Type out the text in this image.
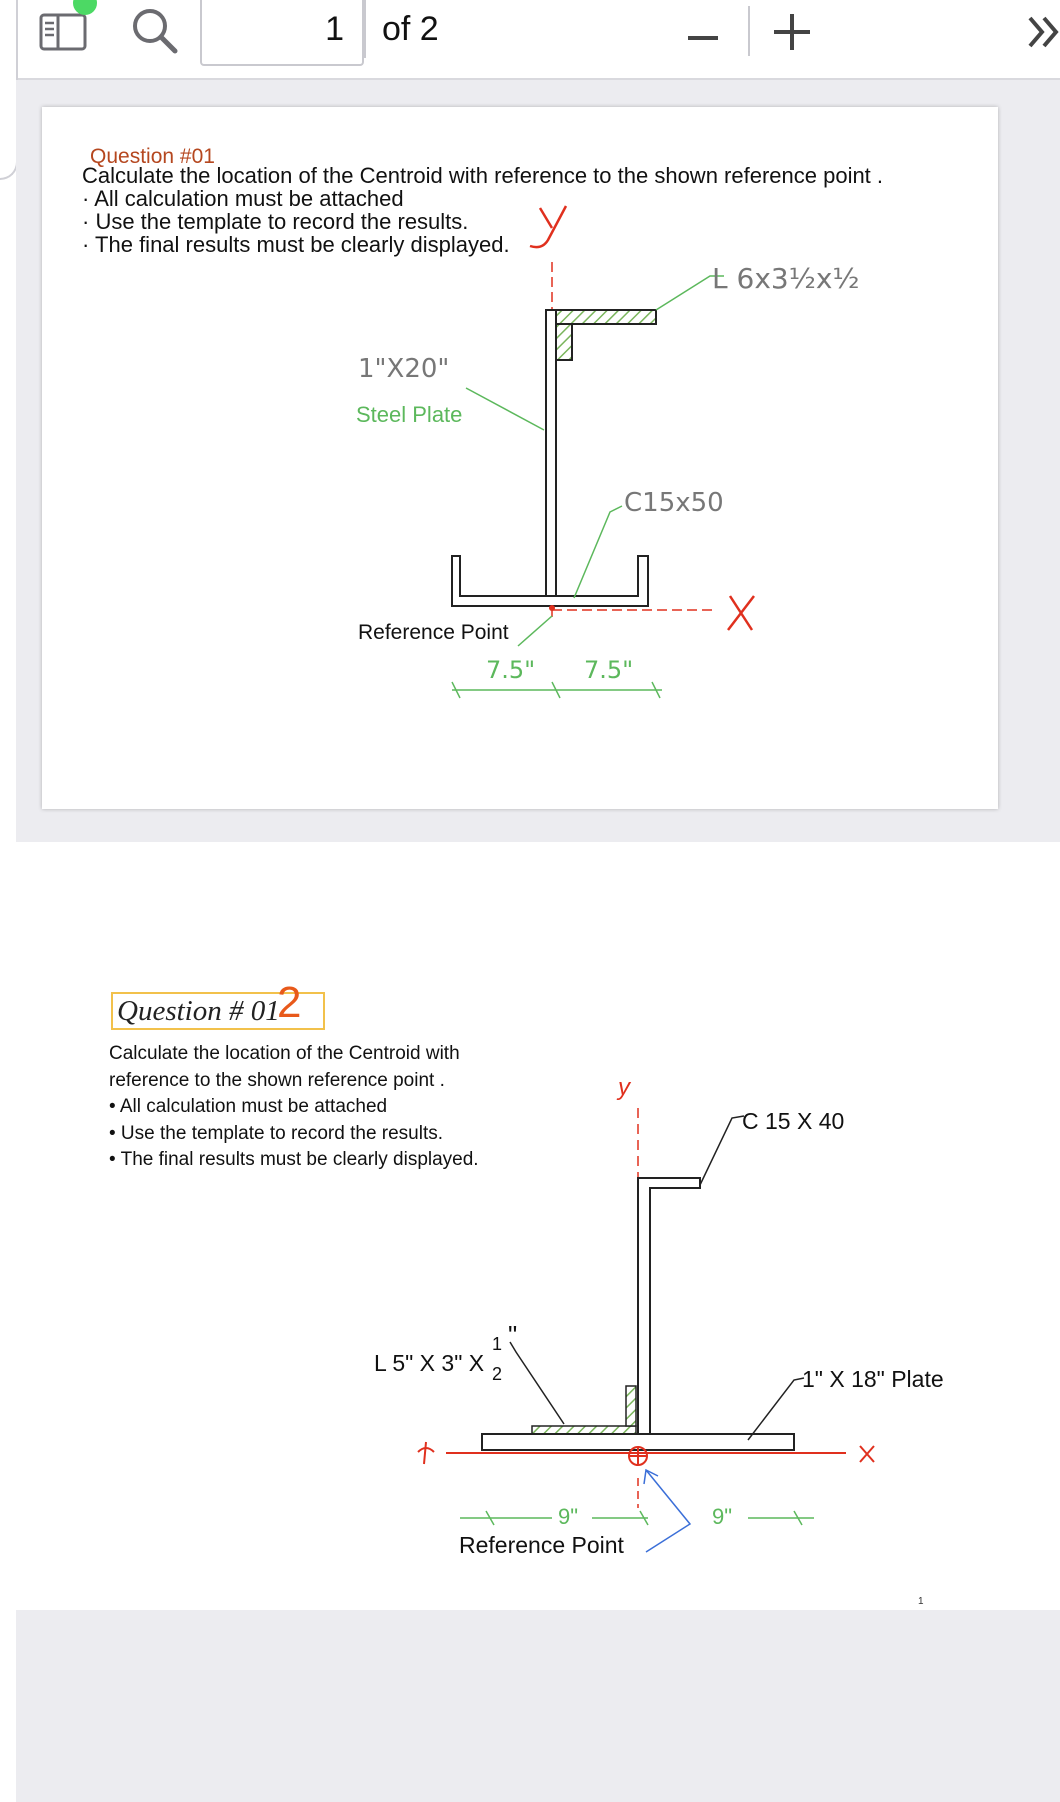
1 of 2
Question #01
Calculate the location of the Centroid with reference to the shown reference point .
· All calculation must be attached
· Use the template to record the results.
· The final results must be clearly displayed.
1"X20"
Steel Plate
L 6x3½x½
C15x50
Reference Point
7.5" 7.5"
Question # 01
2
Calculate the location of the Centroid with
reference to the shown reference point .
• All calculation must be attached
• Use the template to record the results.
• The final results must be clearly displayed.
y
C 15 X 40
L 5" X 3" X
1
2
"
1" X 18" Plate
9"	9"
Reference Point
1
